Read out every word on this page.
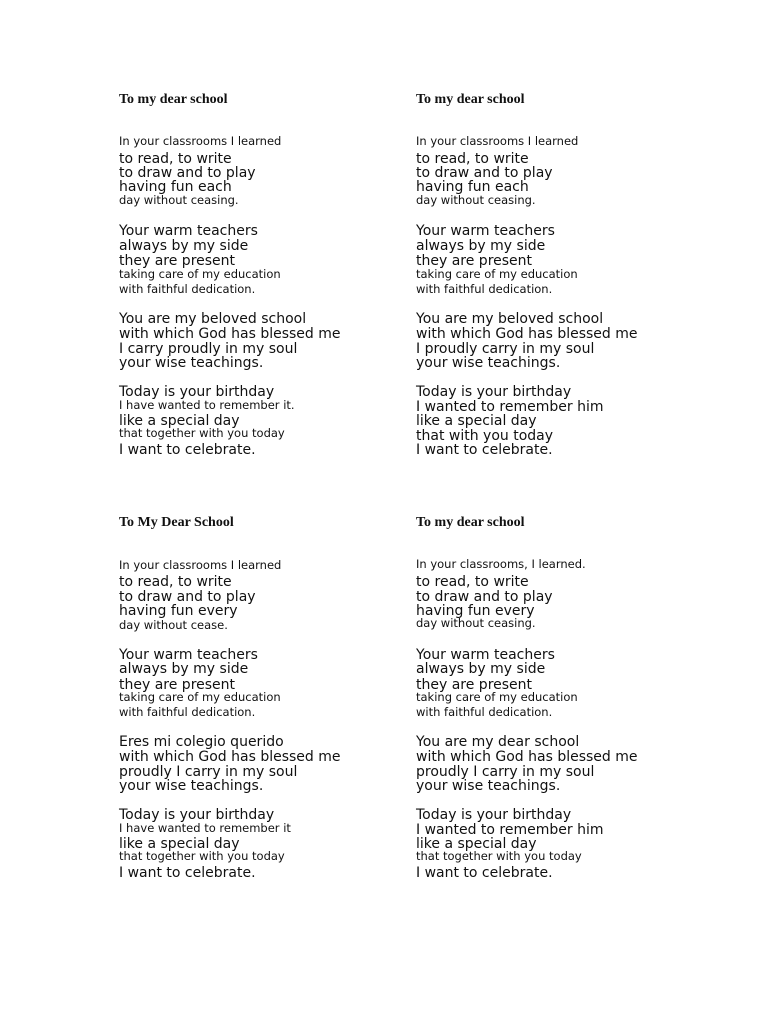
To my dear school
In your classrooms I learned
to read, to write
to draw and to play
having fun each
day without ceasing.
Your warm teachers
always by my side
they are present
taking care of my education
with faithful dedication.
You are my beloved school
with which God has blessed me
I carry proudly in my soul
your wise teachings.
Today is your birthday
I have wanted to remember it.
like a special day
that together with you today
I want to celebrate.
To my dear school
In your classrooms I learned
to read, to write
to draw and to play
having fun each
day without ceasing.
Your warm teachers
always by my side
they are present
taking care of my education
with faithful dedication.
You are my beloved school
with which God has blessed me
I proudly carry in my soul
your wise teachings.
Today is your birthday
I wanted to remember him
like a special day
that with you today
I want to celebrate.
To My Dear School
In your classrooms I learned
to read, to write
to draw and to play
having fun every
day without cease.
Your warm teachers
always by my side
they are present
taking care of my education
with faithful dedication.
Eres mi colegio querido
with which God has blessed me
proudly I carry in my soul
your wise teachings.
Today is your birthday
I have wanted to remember it
like a special day
that together with you today
I want to celebrate.
To my dear school
In your classrooms, I learned.
to read, to write
to draw and to play
having fun every
day without ceasing.
Your warm teachers
always by my side
they are present
taking care of my education
with faithful dedication.
You are my dear school
with which God has blessed me
proudly I carry in my soul
your wise teachings.
Today is your birthday
I wanted to remember him
like a special day
that together with you today
I want to celebrate.
